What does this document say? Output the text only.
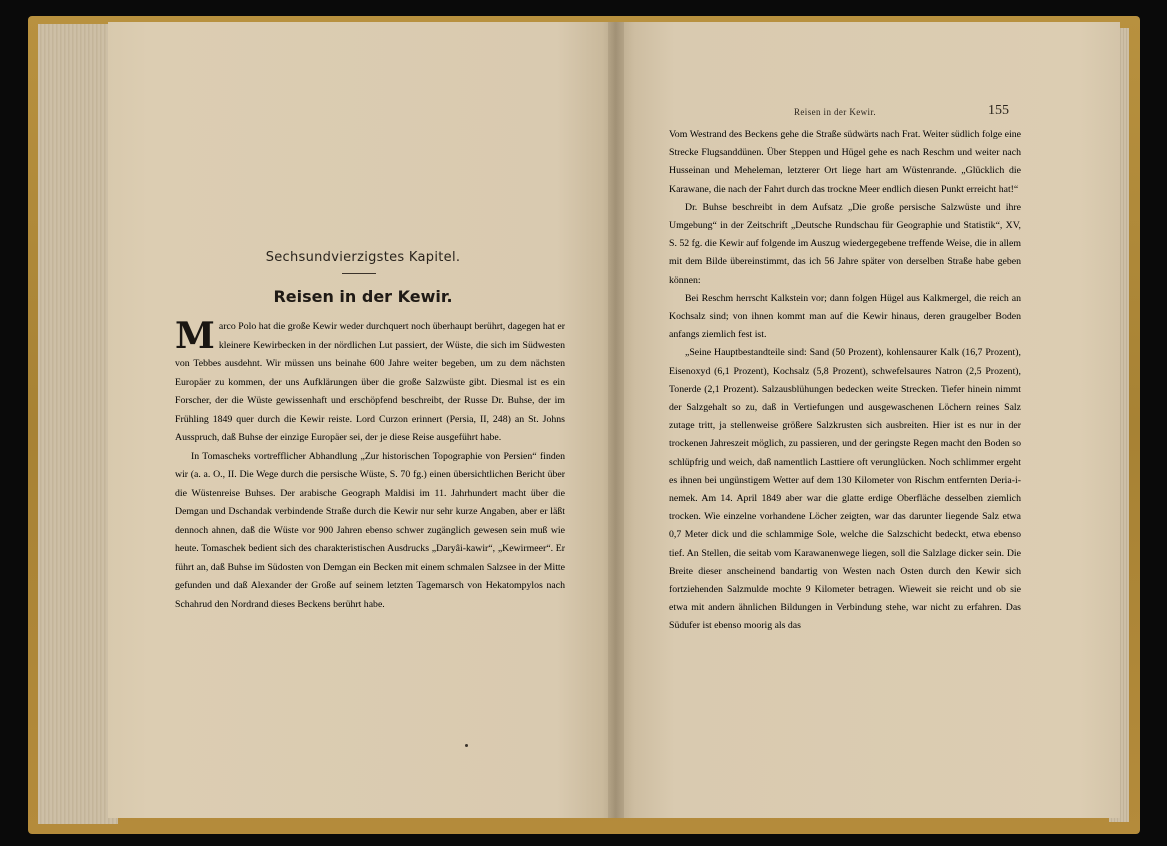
Sechsundvierzigstes Kapitel.
Reisen in der Kewir.

Marco Polo hat die große Kewir weder durchquert noch überhaupt berührt, dagegen hat er kleinere Kewirbecken in der nördlichen Lut passiert, der Wüste, die sich im Südwesten von Tebbes ausdehnt. Wir müssen uns beinahe 600 Jahre weiter begeben, um zu dem nächsten Europäer zu kommen, der uns Aufklärungen über die große Salzwüste gibt. Diesmal ist es ein Forscher, der die Wüste gewissenhaft und erschöpfend beschreibt, der Russe Dr. Buhse, der im Frühling 1849 quer durch die Kewir reiste. Lord Curzon erinnert (Persia, II, 248) an St. Johns Ausspruch, daß Buhse der einzige Europäer sei, der je diese Reise ausgeführt habe.

In Tomascheks vortrefflicher Abhandlung „Zur historischen Topographie von Persien“ finden wir (a. a. O., II. Die Wege durch die persische Wüste, S. 70 fg.) einen übersichtlichen Bericht über die Wüstenreise Buhses. Der arabische Geograph Maldisi im 11. Jahrhundert macht über die Demgan und Dschandak verbindende Straße durch die Kewir nur sehr kurze Angaben, aber er läßt dennoch ahnen, daß die Wüste vor 900 Jahren ebenso schwer zugänglich gewesen sein muß wie heute. Tomaschek bedient sich des charakteristischen Ausdrucks „Daryâi-kawir“, „Kewirmeer“. Er führt an, daß Buhse im Südosten von Demgan ein Becken mit einem schmalen Salzsee in der Mitte gefunden und daß Alexander der Große auf seinem letzten Tagemarsch von Hekatompylos nach Schahrud den Nordrand dieses Beckens berührt habe.

Reisen in der Kewir.	155

Vom Westrand des Beckens gehe die Straße südwärts nach Frat. Weiter südlich folge eine Strecke Flugsanddünen. Über Steppen und Hügel gehe es nach Reschm und weiter nach Husseinan und Meheleman, letzterer Ort liege hart am Wüstenrande. „Glücklich die Karawane, die nach der Fahrt durch das trockne Meer endlich diesen Punkt erreicht hat!“

Dr. Buhse beschreibt in dem Aufsatz „Die große persische Salzwüste und ihre Umgebung“ in der Zeitschrift „Deutsche Rundschau für Geographie und Statistik“, XV, S. 52 fg. die Kewir auf folgende im Auszug wiedergegebene treffende Weise, die in allem mit dem Bilde übereinstimmt, das ich 56 Jahre später von derselben Straße habe geben können:

Bei Reschm herrscht Kalkstein vor; dann folgen Hügel aus Kalkmergel, die reich an Kochsalz sind; von ihnen kommt man auf die Kewir hinaus, deren graugelber Boden anfangs ziemlich fest ist.

„Seine Hauptbestandteile sind: Sand (50 Prozent), kohlensaurer Kalk (16,7 Prozent), Eisenoxyd (6,1 Prozent), Kochsalz (5,8 Prozent), schwefelsaures Natron (2,5 Prozent), Tonerde (2,1 Prozent). Salzausblühungen bedecken weite Strecken. Tiefer hinein nimmt der Salzgehalt so zu, daß in Vertiefungen und ausgewaschenen Löchern reines Salz zutage tritt, ja stellenweise größere Salzkrusten sich ausbreiten. Hier ist es nur in der trockenen Jahreszeit möglich, zu passieren, und der geringste Regen macht den Boden so schlüpfrig und weich, daß namentlich Lasttiere oft verunglücken. Noch schlimmer ergeht es ihnen bei ungünstigem Wetter auf dem 130 Kilometer von Rischm entfernten Deria-i-nemek. Am 14. April 1849 aber war die glatte erdige Oberfläche desselben ziemlich trocken. Wie einzelne vorhandene Löcher zeigten, war das darunter liegende Salz etwa 0,7 Meter dick und die schlammige Sole, welche die Salzschicht bedeckt, etwa ebenso tief. An Stellen, die seitab vom Karawanenwege liegen, soll die Salzlage dicker sein. Die Breite dieser anscheinend bandartig von Westen nach Osten durch den Kewir sich fortziehenden Salzmulde mochte 9 Kilometer betragen. Wieweit sie reicht und ob sie etwa mit andern ähnlichen Bildungen in Verbindung stehe, war nicht zu erfahren. Das Südufer ist ebenso moorig als das
